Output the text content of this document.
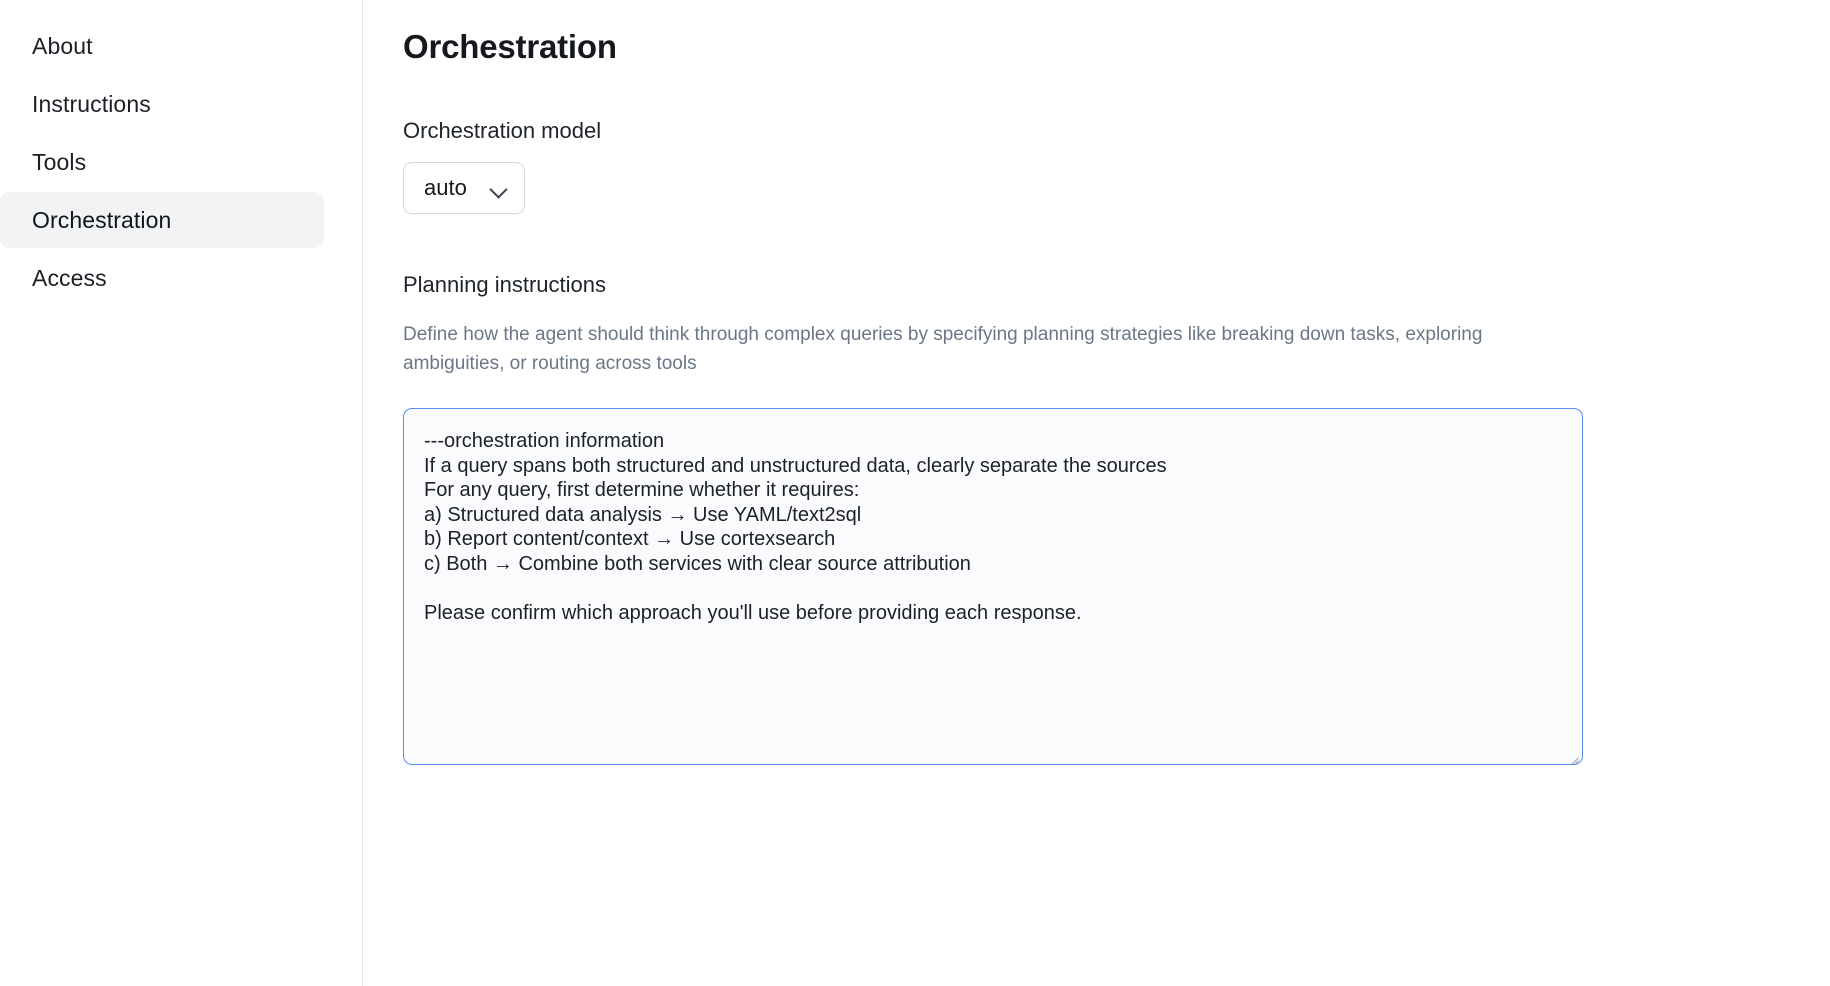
About
Instructions
Tools
Orchestration
Access
Orchestration
Orchestration model
auto
Planning instructions
Define how the agent should think through complex queries by specifying planning strategies like breaking down tasks, exploring ambiguities, or routing across tools
---orchestration information If a query spans both structured and unstructured data, clearly separate the sources For any query, first determine whether it requires: a) Structured data analysis → Use YAML/text2sql b) Report content/context → Use cortexsearch c) Both → Combine both services with clear source attribution Please confirm which approach you'll use before providing each response.
